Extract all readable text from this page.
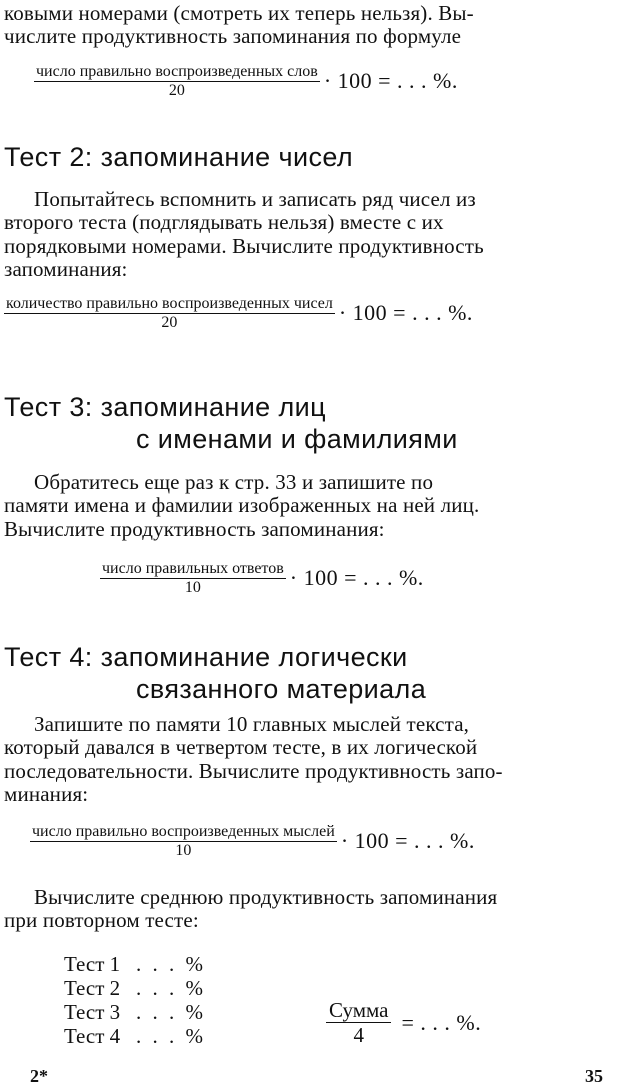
ковыми номерами (смотреть их теперь нельзя). Вы-
числите продуктивность запоминания по формуле
$\frac{\text{число правильно воспроизведенных слов}}{20} \cdot 100$ = . . . %.
Тест 2: запоминание чисел
Попытайтесь вспомнить и записать ряд чисел из
второго теста (подглядывать нельзя) вместе с их
порядковыми номерами. Вычислите продуктивность
запоминания:
$\frac{\text{количество правильно воспроизведенных чисел}}{20} \cdot 100$ = . . . %.
Тест 3: запоминание лиц
с именами и фамилиями
Обратитесь еще раз к стр. 33 и запишите по
памяти имена и фамилии изображенных на ней лиц.
Вычислите продуктивность запоминания:
$\frac{\text{число правильных ответов}}{10} \cdot 100$ = . . . %.
Тест 4: запоминание логически
связанного материала
Запишите по памяти 10 главных мыслей текста,
который давался в четвертом тесте, в их логической
последовательности. Вычислите продуктивность запо-
минания:
$\frac{\text{число правильно воспроизведенных мыслей}}{10} \cdot 100$ = . . . %.
Вычислите среднюю продуктивность запоминания
при повторном тесте:
Тест 1 . . . %
Тест 2 . . . %
Тест 3 . . . %
Тест 4 . . . %	$\frac{\text{Сумма}}{4}$ = . . . %.
2*	35
